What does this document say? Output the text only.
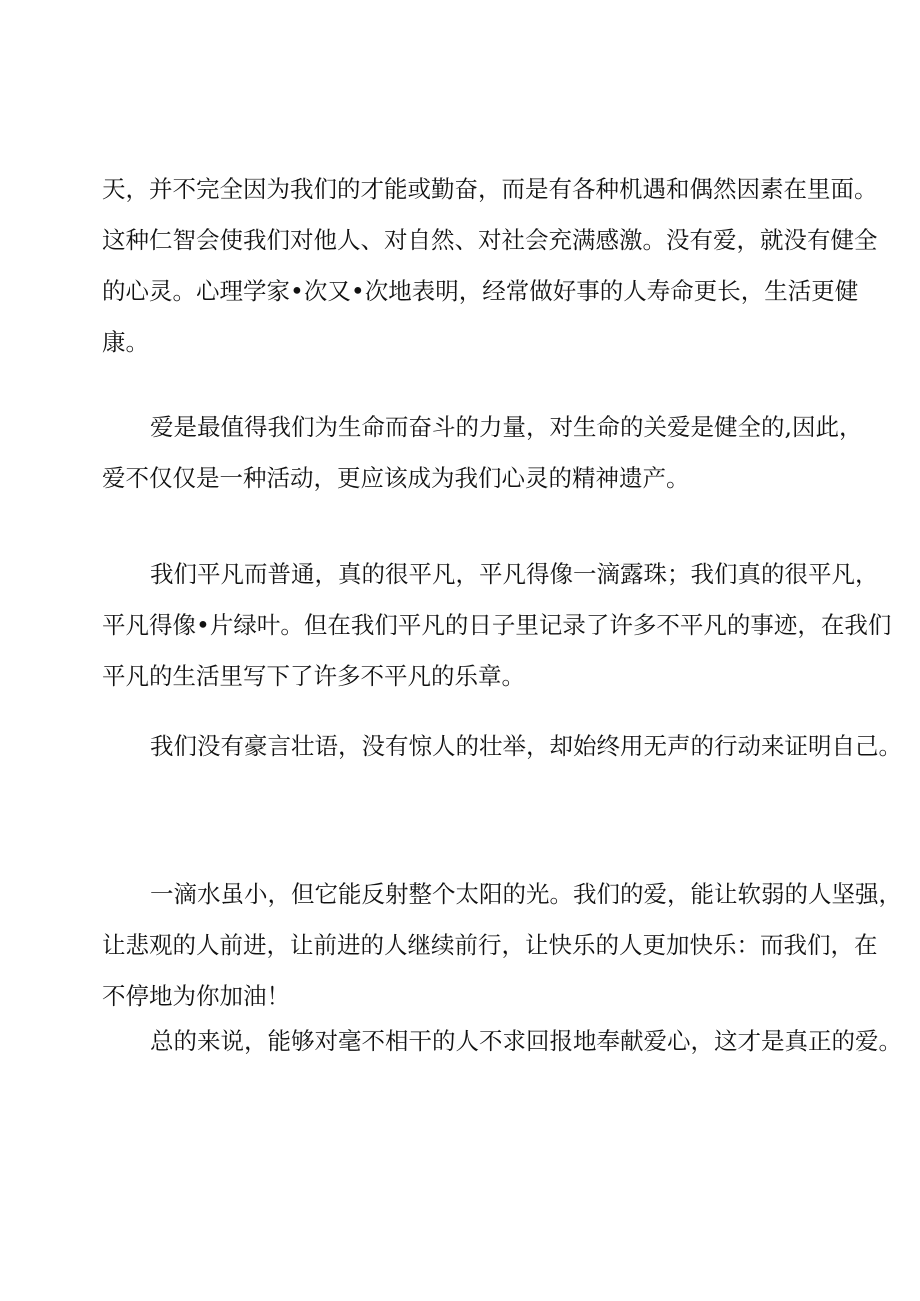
天，并不完全因为我们的才能或勤奋，而是有各种机遇和偶然因素在里面。
这种仁智会使我们对他人、对自然、对社会充满感激。没有爱，就没有健全
的心灵。心理学家•次又•次地表明，经常做好事的人寿命更长，生活更健
康。

爱是最值得我们为生命而奋斗的力量，对生命的关爱是健全的,因此，
爱不仅仅是一种活动，更应该成为我们心灵的精神遗产。

我们平凡而普通，真的很平凡，平凡得像一滴露珠；我们真的很平凡，
平凡得像•片绿叶。但在我们平凡的日子里记录了许多不平凡的事迹，在我们
平凡的生活里写下了许多不平凡的乐章。

我们没有豪言壮语，没有惊人的壮举，却始终用无声的行动来证明自己。

一滴水虽小，但它能反射整个太阳的光。我们的爱，能让软弱的人坚强，
让悲观的人前进，让前进的人继续前行，让快乐的人更加快乐：而我们，在
不停地为你加油！

总的来说，能够对毫不相干的人不求回报地奉献爱心，这才是真正的爱。
